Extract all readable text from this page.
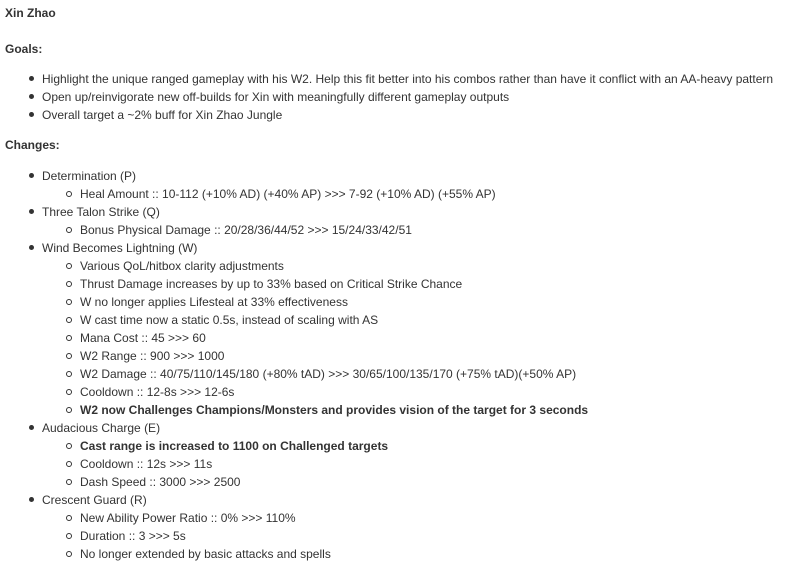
Xin Zhao
Goals:
Highlight the unique ranged gameplay with his W2. Help this fit better into his combos rather than have it conflict with an AA-heavy pattern
Open up/reinvigorate new off-builds for Xin with meaningfully different gameplay outputs
Overall target a ~2% buff for Xin Zhao Jungle
Changes:
Determination (P)
Heal Amount :: 10-112 (+10% AD) (+40% AP) >>> 7-92 (+10% AD) (+55% AP)
Three Talon Strike (Q)
Bonus Physical Damage :: 20/28/36/44/52 >>> 15/24/33/42/51
Wind Becomes Lightning (W)
Various QoL/hitbox clarity adjustments
Thrust Damage increases by up to 33% based on Critical Strike Chance
W no longer applies Lifesteal at 33% effectiveness
W cast time now a static 0.5s, instead of scaling with AS
Mana Cost :: 45 >>> 60
W2 Range :: 900 >>> 1000
W2 Damage :: 40/75/110/145/180 (+80% tAD) >>> 30/65/100/135/170 (+75% tAD)(+50% AP)
Cooldown :: 12-8s >>> 12-6s
W2 now Challenges Champions/Monsters and provides vision of the target for 3 seconds
Audacious Charge (E)
Cast range is increased to 1100 on Challenged targets
Cooldown :: 12s >>> 11s
Dash Speed :: 3000 >>> 2500
Crescent Guard (R)
New Ability Power Ratio :: 0% >>> 110%
Duration :: 3 >>> 5s
No longer extended by basic attacks and spells
